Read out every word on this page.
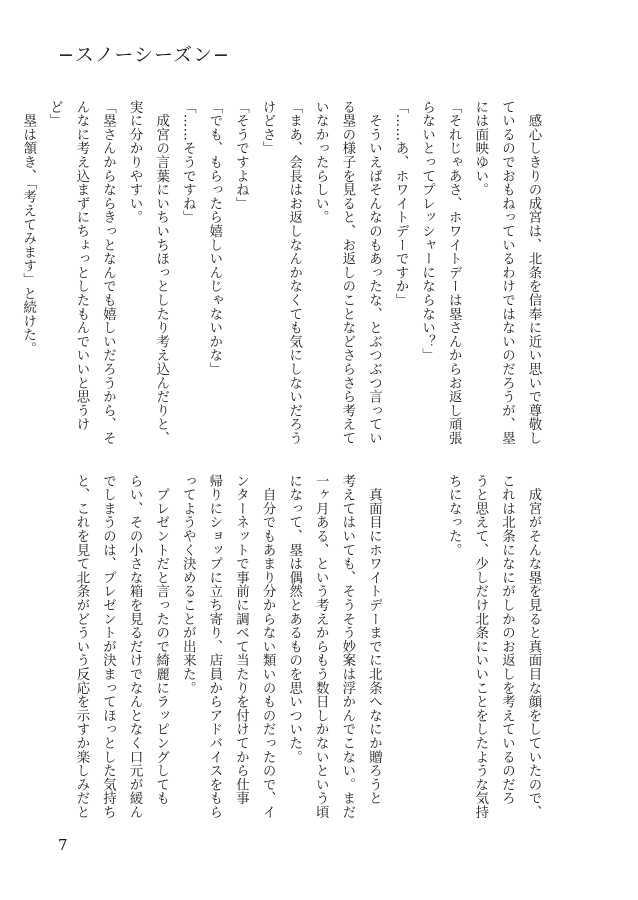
−スノーシーズン−
　感心しきりの成宮は、北条を信奉に近い思いで尊敬し
ているのでおもねっているわけではないのだろうが、塁
には面映ゆい。
「それじゃあさ、ホワイトデーは塁さんからお返し頑張
らないとってプレッシャーにならない？」
「……あ、ホワイトデーですか」
　そういえばそんなのもあったな、とぶつぶつ言ってい
る塁の様子を見ると、お返しのことなどさらさら考えて
いなかったらしい。
「まあ、会長はお返しなんかなくても気にしないだろう
けどさ」
「そうですよね」
「でも、もらったら嬉しいんじゃないかな」
「……そうですね」
　成宮の言葉にいちいちほっとしたり考え込んだりと、
実に分かりやすい。
「塁さんからならきっとなんでも嬉しいだろうから、そ
んなに考え込まずにちょっとしたもんでいいと思うけ
ど」
　塁は頷き、「考えてみます」と続けた。
　成宮がそんな塁を見ると真面目な顔をしていたので、
これは北条になにがしかのお返しを考えているのだろ
うと思えて、少しだけ北条にいいことをしたような気持
ちになった。
　真面目にホワイトデーまでに北条へなにか贈ろうと
考えてはいても、そうそう妙案は浮かんでこない。まだ
一ヶ月ある、という考えからもう数日しかないという頃
になって、塁は偶然とあるものを思いついた。
　自分でもあまり分からない類いのものだったので、イ
ンターネットで事前に調べて当たりを付けてから仕事
帰りにショップに立ち寄り、店員からアドバイスをもら
ってようやく決めることが出来た。
　プレゼントだと言ったので綺麗にラッピングしても
らい、その小さな箱を見るだけでなんとなく口元が緩ん
でしまうのは、プレゼントが決まってほっとした気持ち
と、これを見て北条がどういう反応を示すか楽しみだと
7
